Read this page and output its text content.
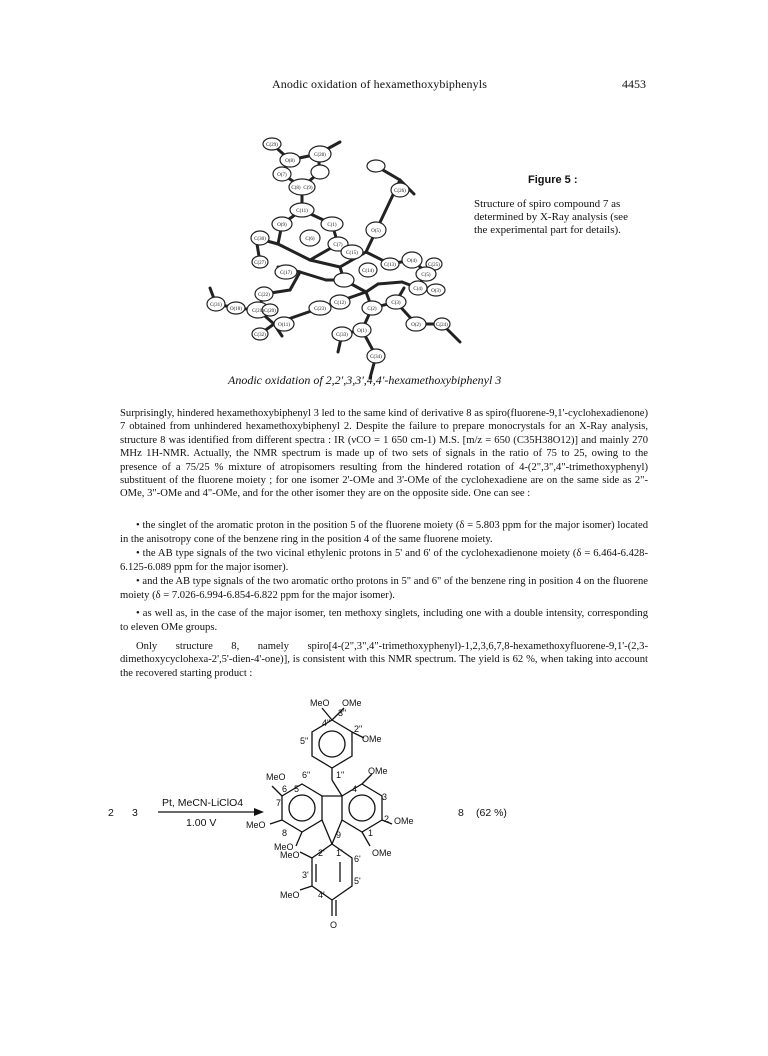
Anodic oxidation of hexamethoxybiphenyls	4453
C(29)
C(28)
O(8)
O(7)
C(8) C(9)
C(26)
O(9)
C(11)
C(1)
C(30)	C(6)
C(7)
O(5)
C(27)
C(15)
C(14)
C(13)
O(4)
C(5)
C(25)
C(17)
C(4) O(3)
C(31)
C(20)
C(21)
O(10)
C(22)
O(11)
C(32)
C(23)
C(12)
C(2)
C(3)
C(33)
O(1)
O(2)	C(24)
C(34)
Figure 5 :
Structure of spiro compound 7 as determined by X-Ray analysis (see the experimental part for details).
Anodic oxidation of 2,2',3,3',4,4'-hexamethoxybiphenyl 3

Surprisingly, hindered hexamethoxybiphenyl 3 led to the same kind of derivative 8 as spiro(fluorene-9,1'-cyclohexadienone) 7 obtained from unhindered hexamethoxybiphenyl 2. Despite the failure to prepare monocrystals for an X-Ray analysis, structure 8 was identified from different spectra : IR (νCO = 1 650 cm-1) M.S. [m/z = 650 (C35H38O12)] and mainly 270 MHz 1H-NMR. Actually, the NMR spectrum is made up of two sets of signals in the ratio of 75 to 25, owing to the presence of a 75/25 % mixture of atropisomers resulting from the hindered rotation of 4-(2",3",4"-trimethoxyphenyl) substituent of the fluorene moiety ; for one isomer 2'-OMe and 3'-OMe of the cyclohexadiene are on the same side as 2"-OMe, 3"-OMe and 4"-OMe, and for the other isomer they are on the opposite side. One can see :

• the singlet of the aromatic proton in the position 5 of the fluorene moiety (δ = 5.803 ppm for the major isomer) located in the anisotropy cone of the benzene ring in the position 4 of the same fluorene moiety.

• the AB type signals of the two vicinal ethylenic protons in 5' and 6' of the cyclohexadienone moiety (δ = 6.464-6.428-6.125-6.089 ppm for the major isomer).

• and the AB type signals of the two aromatic ortho protons in 5" and 6" of the benzene ring in position 4 on the fluorene moiety (δ = 7.026-6.994-6.854-6.822 ppm for the major isomer).

• as well as, in the case of the major isomer, ten methoxy singlets, including one with a double intensity, corresponding to eleven OMe groups.

Only structure 8, namely spiro[4-(2",3",4"-trimethoxyphenyl)-1,2,3,6,7,8-hexamethoxyfluorene-9,1'-(2,3-dimethoxycyclohexa-2',5'-dien-4'-one)], is consistent with this NMR spectrum. The yield is 62 %, when taking into account the recovered starting product :

2 3
Pt, MeCN-LiClO4
1.00 V
8 (62 %)
MeO OMe
4"
3"
2"
OMe
5"
6"	1"
MeO
OMe
6 5	4
3
7
MeO
2 OMe
8	1
9
MeO
OMe
MeO 2' 1'
6'
3'
5'
MeO 4'
O
